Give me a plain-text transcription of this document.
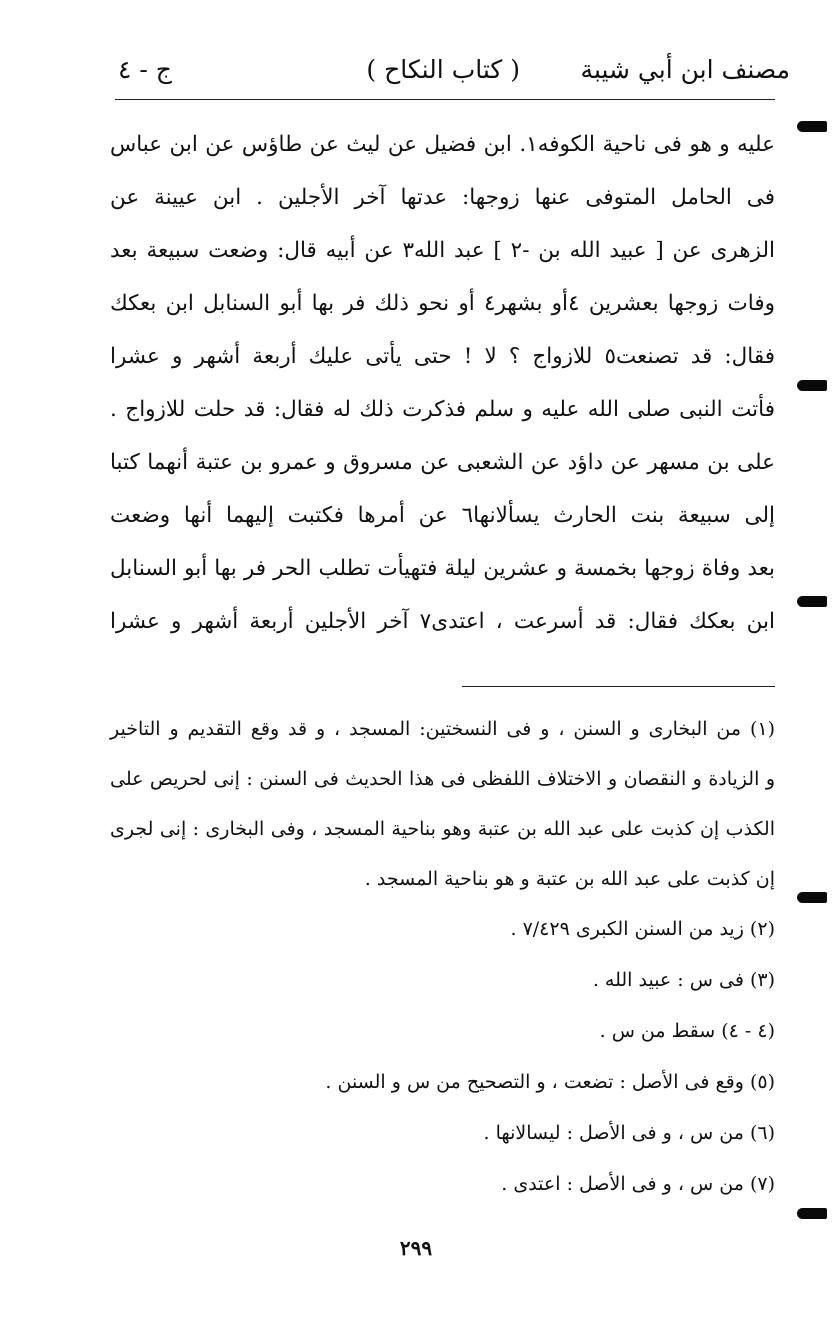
مصنف ابن أبي شيبة
( كتاب النكاح )
ج - ٤
عليه و هو فى ناحية الكوفه١. ابن فضيل عن ليث عن طاؤس عن ابن عباس
فى الحامل المتوفى عنها زوجها: عدتها آخر الأجلين . ابن عيينة عن
الزهرى عن [ عبيد الله بن -٢ ] عبد الله٣ عن أبيه قال: وضعت سبيعة بعد
وفات زوجها بعشرين ٤أو بشهر٤ أو نحو ذلك فر بها أبو السنابل ابن بعكك
فقال: قد تصنعت٥ للازواج ؟ لا ! حتى يأتى عليك أربعة أشهر و عشرا
فأتت النبى صلى الله عليه و سلم فذكرت ذلك له فقال: قد حلت للازواج .
على بن مسهر عن داؤد عن الشعبى عن مسروق و عمرو بن عتبة أنهما كتبا
إلى سبيعة بنت الحارث يسألانها٦ عن أمرها فكتبت إليهما أنها وضعت
بعد وفاة زوجها بخمسة و عشرين ليلة فتهيأت تطلب الحر فر بها أبو السنابل
ابن بعكك فقال: قد أسرعت ، اعتدى٧ آخر الأجلين أربعة أشهر و عشرا
(١) من البخارى و السنن ، و فى النسختين: المسجد ، و قد وقع التقديم و التاخير
و الزيادة و النقصان و الاختلاف اللفظى فى هذا الحديث فى السنن : إنى لحريص على
الكذب إن كذبت على عبد الله بن عتبة وهو بناحية المسجد ، وفى البخارى : إنى لجرى
إن كذبت على عبد الله بن عتبة و هو بناحية المسجد .
(٢) زيد من السنن الكبرى ٧/٤٢٩ .
(٣) فى س : عبيد الله .
(٤ - ٤) سقط من س .
(٥) وقع فى الأصل : تضعت ، و التصحيح من س و السنن .
(٦) من س ، و فى الأصل : ليسالانها .
(٧) من س ، و فى الأصل : اعتدى .
٢٩٩
